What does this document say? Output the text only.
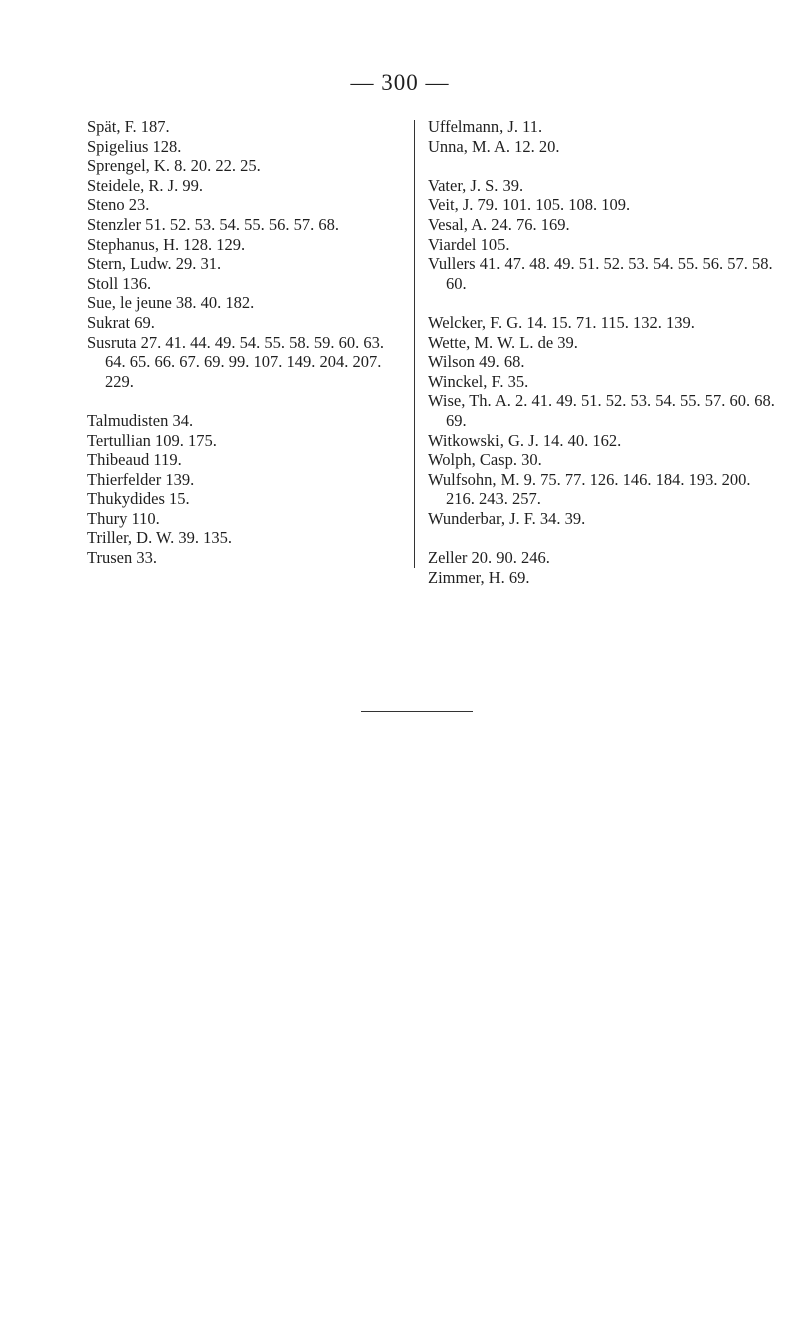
— 300 —
Spät, F. 187.
Spigelius 128.
Sprengel, K. 8. 20. 22. 25.
Steidele, R. J. 99.
Steno 23.
Stenzler 51. 52. 53. 54. 55. 56. 57. 68.
Stephanus, H. 128. 129.
Stern, Ludw. 29. 31.
Stoll 136.
Sue, le jeune 38. 40. 182.
Sukrat 69.
Susruta 27. 41. 44. 49. 54. 55. 58. 59. 60. 63. 64. 65. 66. 67. 69. 99. 107. 149. 204. 207. 229.
Talmudisten 34.
Tertullian 109. 175.
Thibeaud 119.
Thierfelder 139.
Thukydides 15.
Thury 110.
Triller, D. W. 39. 135.
Trusen 33.
Uffelmann, J. 11.
Unna, M. A. 12. 20.
Vater, J. S. 39.
Veit, J. 79. 101. 105. 108. 109.
Vesal, A. 24. 76. 169.
Viardel 105.
Vullers 41. 47. 48. 49. 51. 52. 53. 54. 55. 56. 57. 58. 60.
Welcker, F. G. 14. 15. 71. 115. 132. 139.
Wette, M. W. L. de 39.
Wilson 49. 68.
Winckel, F. 35.
Wise, Th. A. 2. 41. 49. 51. 52. 53. 54. 55. 57. 60. 68. 69.
Witkowski, G. J. 14. 40. 162.
Wolph, Casp. 30.
Wulfsohn, M. 9. 75. 77. 126. 146. 184. 193. 200. 216. 243. 257.
Wunderbar, J. F. 34. 39.
Zeller 20. 90. 246.
Zimmer, H. 69.
